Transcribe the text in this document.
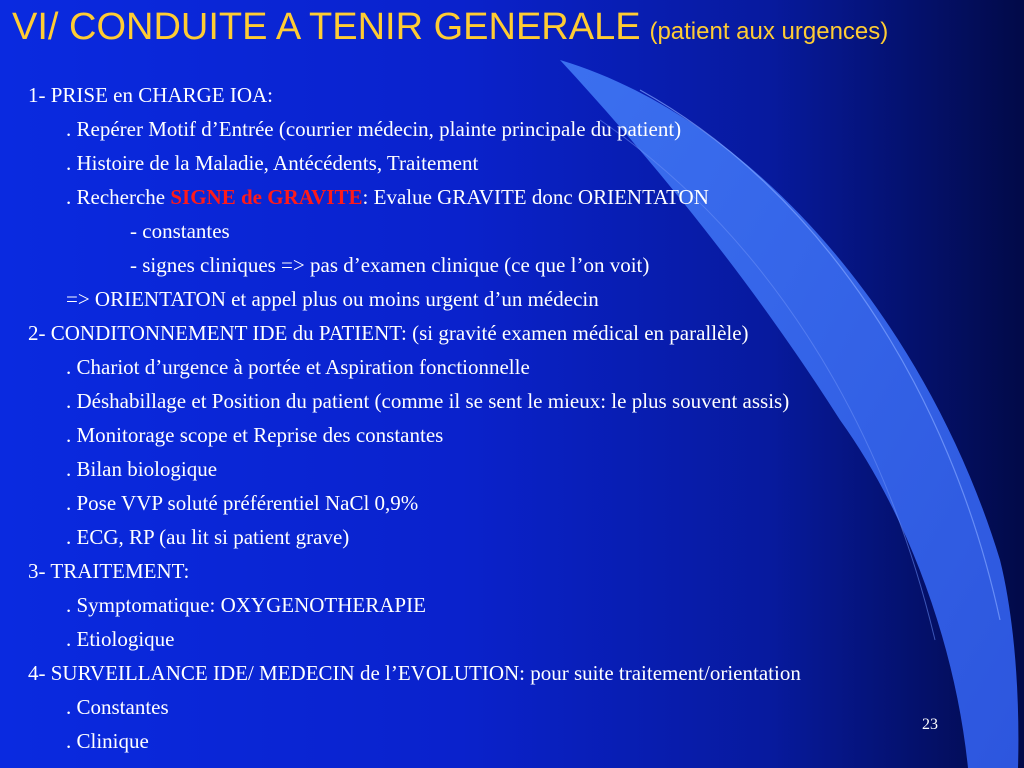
VI/ CONDUITE A TENIR GENERALE (patient aux urgences)
1- PRISE en CHARGE IOA:
. Repérer Motif d’Entrée (courrier médecin, plainte principale du patient)
. Histoire de la Maladie, Antécédents, Traitement
. Recherche SIGNE de GRAVITE: Evalue GRAVITE donc ORIENTATON
- constantes
- signes cliniques => pas d’examen clinique (ce que l’on voit)
=> ORIENTATON et appel plus ou moins urgent d’un médecin
2- CONDITONNEMENT IDE du PATIENT: (si gravité examen médical en parallèle)
. Chariot d’urgence à portée et Aspiration fonctionnelle
. Déshabillage et Position du patient (comme il se sent le mieux: le plus souvent assis)
. Monitorage scope et Reprise des constantes
. Bilan biologique
. Pose VVP soluté préférentiel NaCl 0,9%
. ECG, RP (au lit si patient grave)
3- TRAITEMENT:
. Symptomatique: OXYGENOTHERAPIE
. Etiologique
4- SURVEILLANCE IDE/ MEDECIN de l’EVOLUTION: pour suite traitement/orientation
. Constantes
. Clinique
23
